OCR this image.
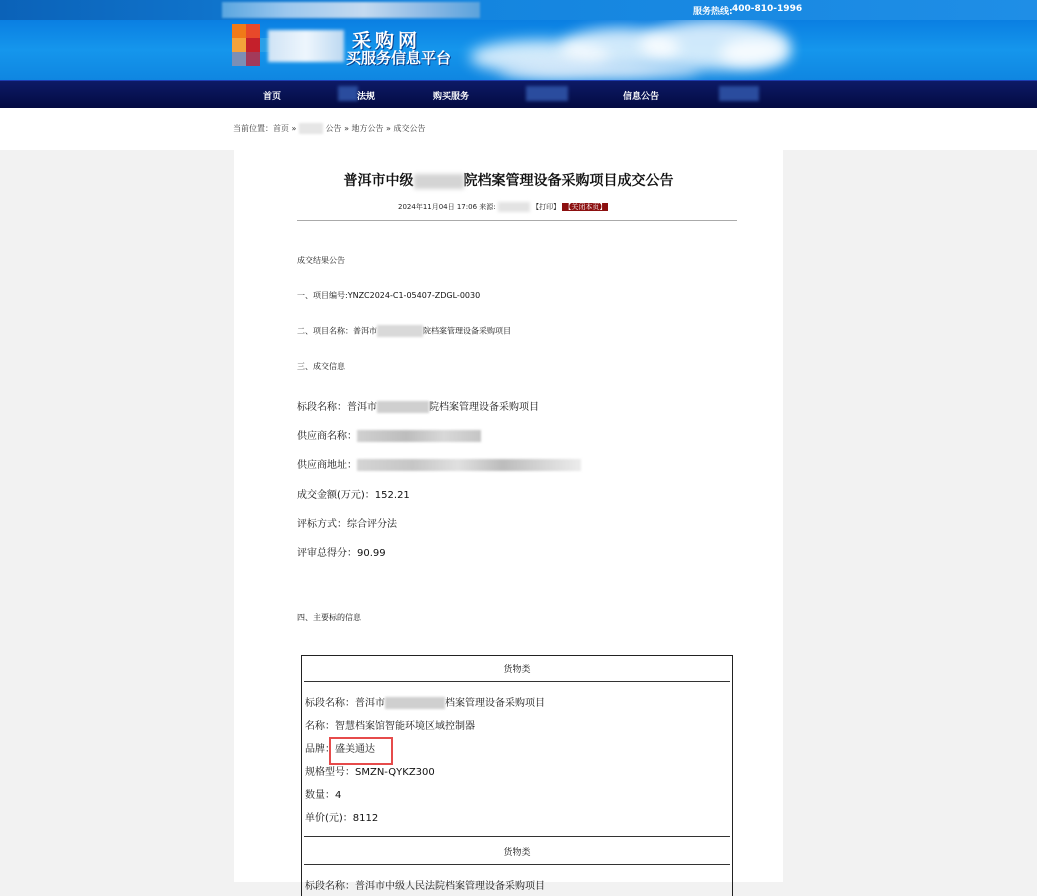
服务热线: 400-810-1996
采购网
买服务信息平台
首页	法规	购买服务	信息公告
当前位置：首页 »	公告 » 地方公告 » 成交公告
普洱市中级	院档案管理设备采购项目成交公告
2024年11月04日 17:06 来源:	【打印】 【关闭本页】
成交结果公告
一、项目编号:YNZC2024-C1-05407-ZDGL-0030
二、项目名称：普洱市	院档案管理设备采购项目
三、成交信息
标段名称：普洱市	院档案管理设备采购项目
供应商名称：
供应商地址：
成交金额(万元)：152.21
评标方式：综合评分法
评审总得分：90.99
四、主要标的信息
货物类
标段名称：普洱市	档案管理设备采购项目
名称：智慧档案馆智能环境区域控制器
品牌：盛美通达
规格型号：SMZN-QYKZ300
数量：4
单价(元)：8112
货物类
标段名称：普洱市中级人民法院档案管理设备采购项目
